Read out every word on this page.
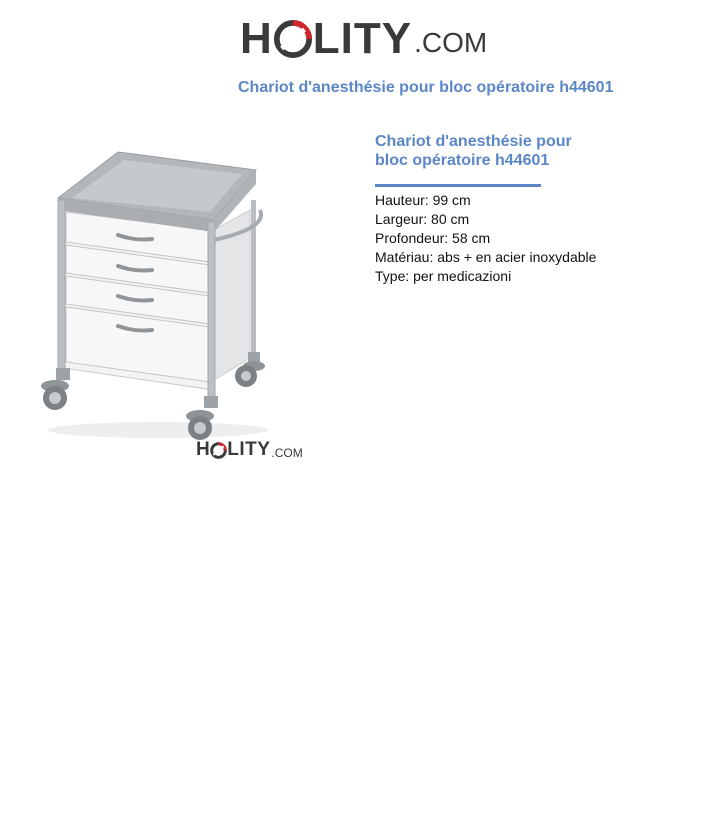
H LITY .COM
Chariot d'anesthésie pour bloc opératoire h44601
H LITY .COM
Chariot d'anesthésie pour bloc opératoire h44601
Hauteur: 99 cm
Largeur: 80 cm
Profondeur: 58 cm
Matériau: abs + en acier inoxydable
Type: per medicazioni
